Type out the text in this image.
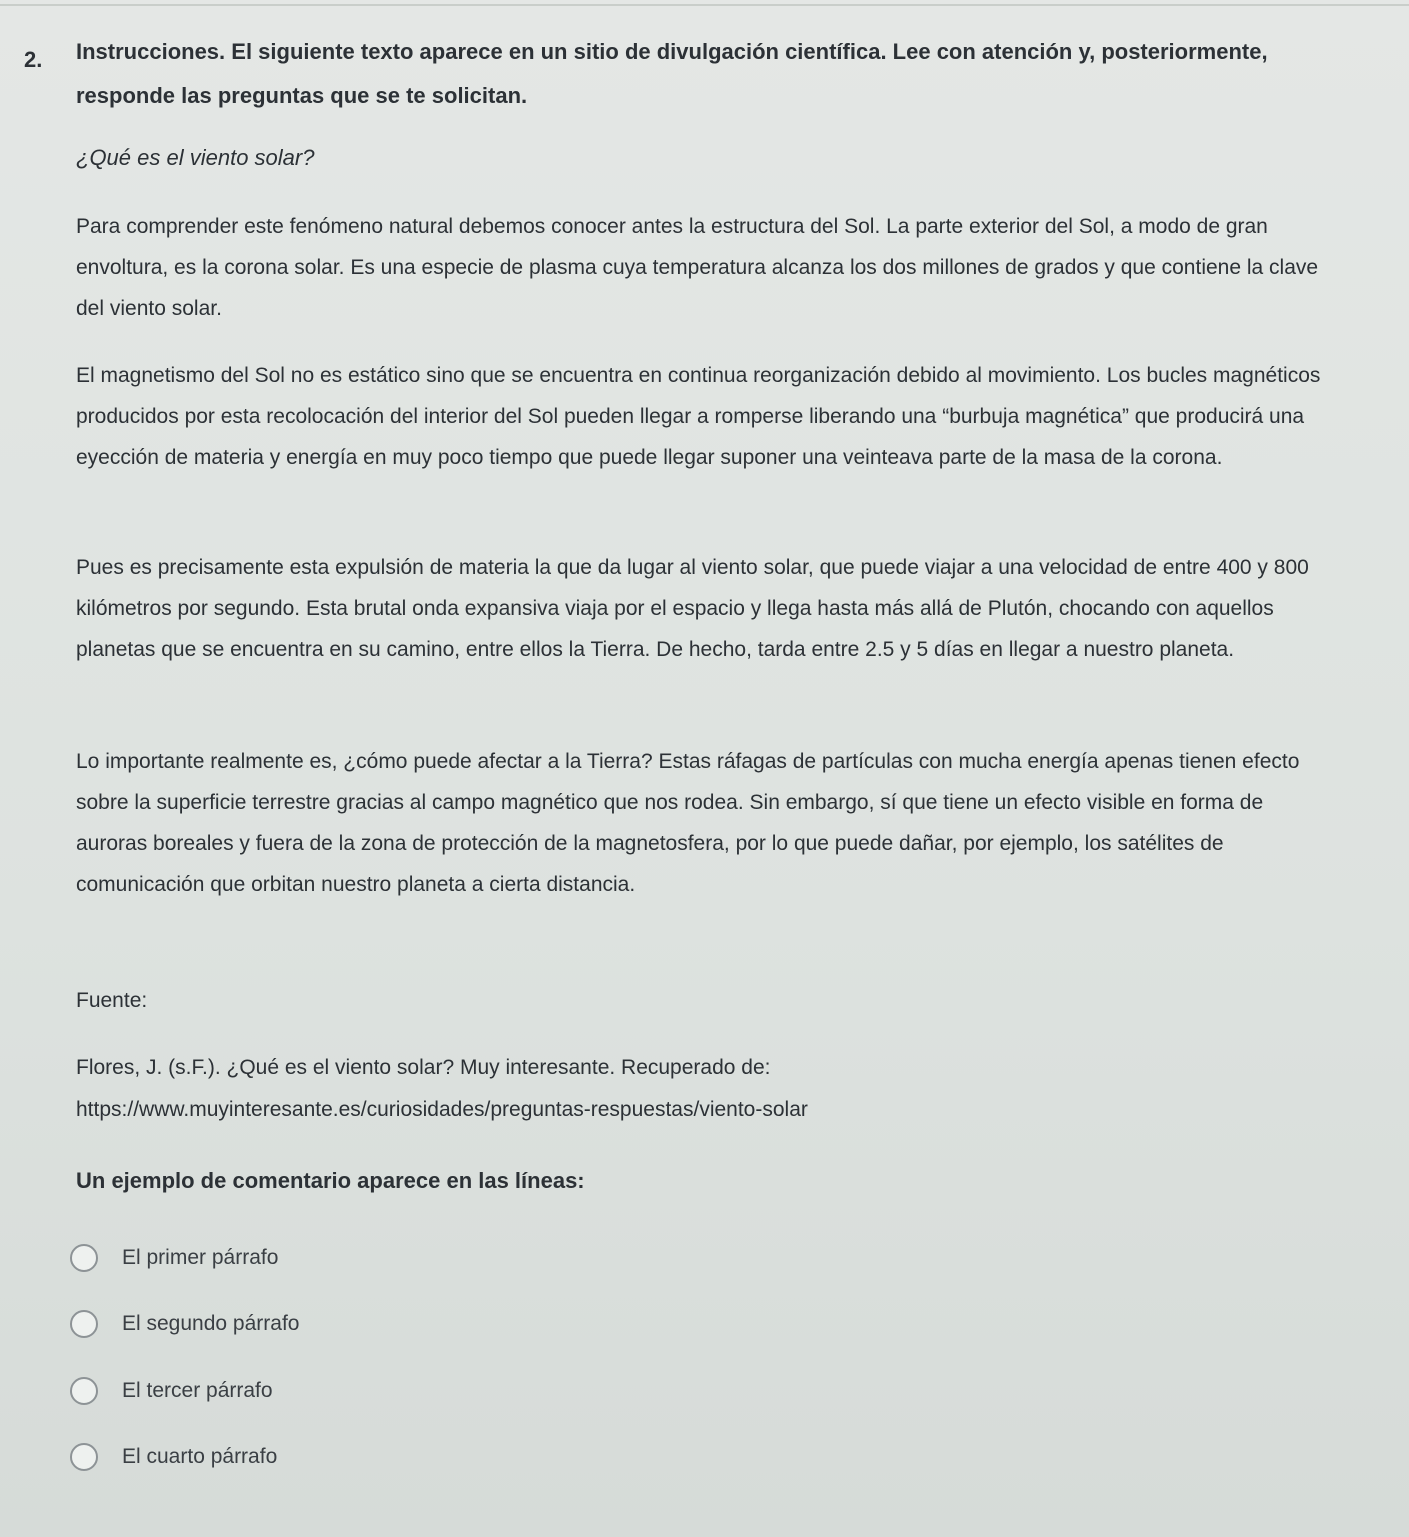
2. Instrucciones. El siguiente texto aparece en un sitio de divulgación científica. Lee con atención y, posteriormente, responde las preguntas que se te solicitan.
¿Qué es el viento solar?
Para comprender este fenómeno natural debemos conocer antes la estructura del Sol. La parte exterior del Sol, a modo de gran envoltura, es la corona solar. Es una especie de plasma cuya temperatura alcanza los dos millones de grados y que contiene la clave del viento solar.
El magnetismo del Sol no es estático sino que se encuentra en continua reorganización debido al movimiento. Los bucles magnéticos producidos por esta recolocación del interior del Sol pueden llegar a romperse liberando una “burbuja magnética” que producirá una eyección de materia y energía en muy poco tiempo que puede llegar suponer una veinteava parte de la masa de la corona.
Pues es precisamente esta expulsión de materia la que da lugar al viento solar, que puede viajar a una velocidad de entre 400 y 800 kilómetros por segundo. Esta brutal onda expansiva viaja por el espacio y llega hasta más allá de Plutón, chocando con aquellos planetas que se encuentra en su camino, entre ellos la Tierra. De hecho, tarda entre 2.5 y 5 días en llegar a nuestro planeta.
Lo importante realmente es, ¿cómo puede afectar a la Tierra? Estas ráfagas de partículas con mucha energía apenas tienen efecto sobre la superficie terrestre gracias al campo magnético que nos rodea. Sin embargo, sí que tiene un efecto visible en forma de auroras boreales y fuera de la zona de protección de la magnetosfera, por lo que puede dañar, por ejemplo, los satélites de comunicación que orbitan nuestro planeta a cierta distancia.
Fuente:
Flores, J. (s.F.). ¿Qué es el viento solar? Muy interesante. Recuperado de:
https://www.muyinteresante.es/curiosidades/preguntas-respuestas/viento-solar
Un ejemplo de comentario aparece en las líneas:
El primer párrafo
El segundo párrafo
El tercer párrafo
El cuarto párrafo
